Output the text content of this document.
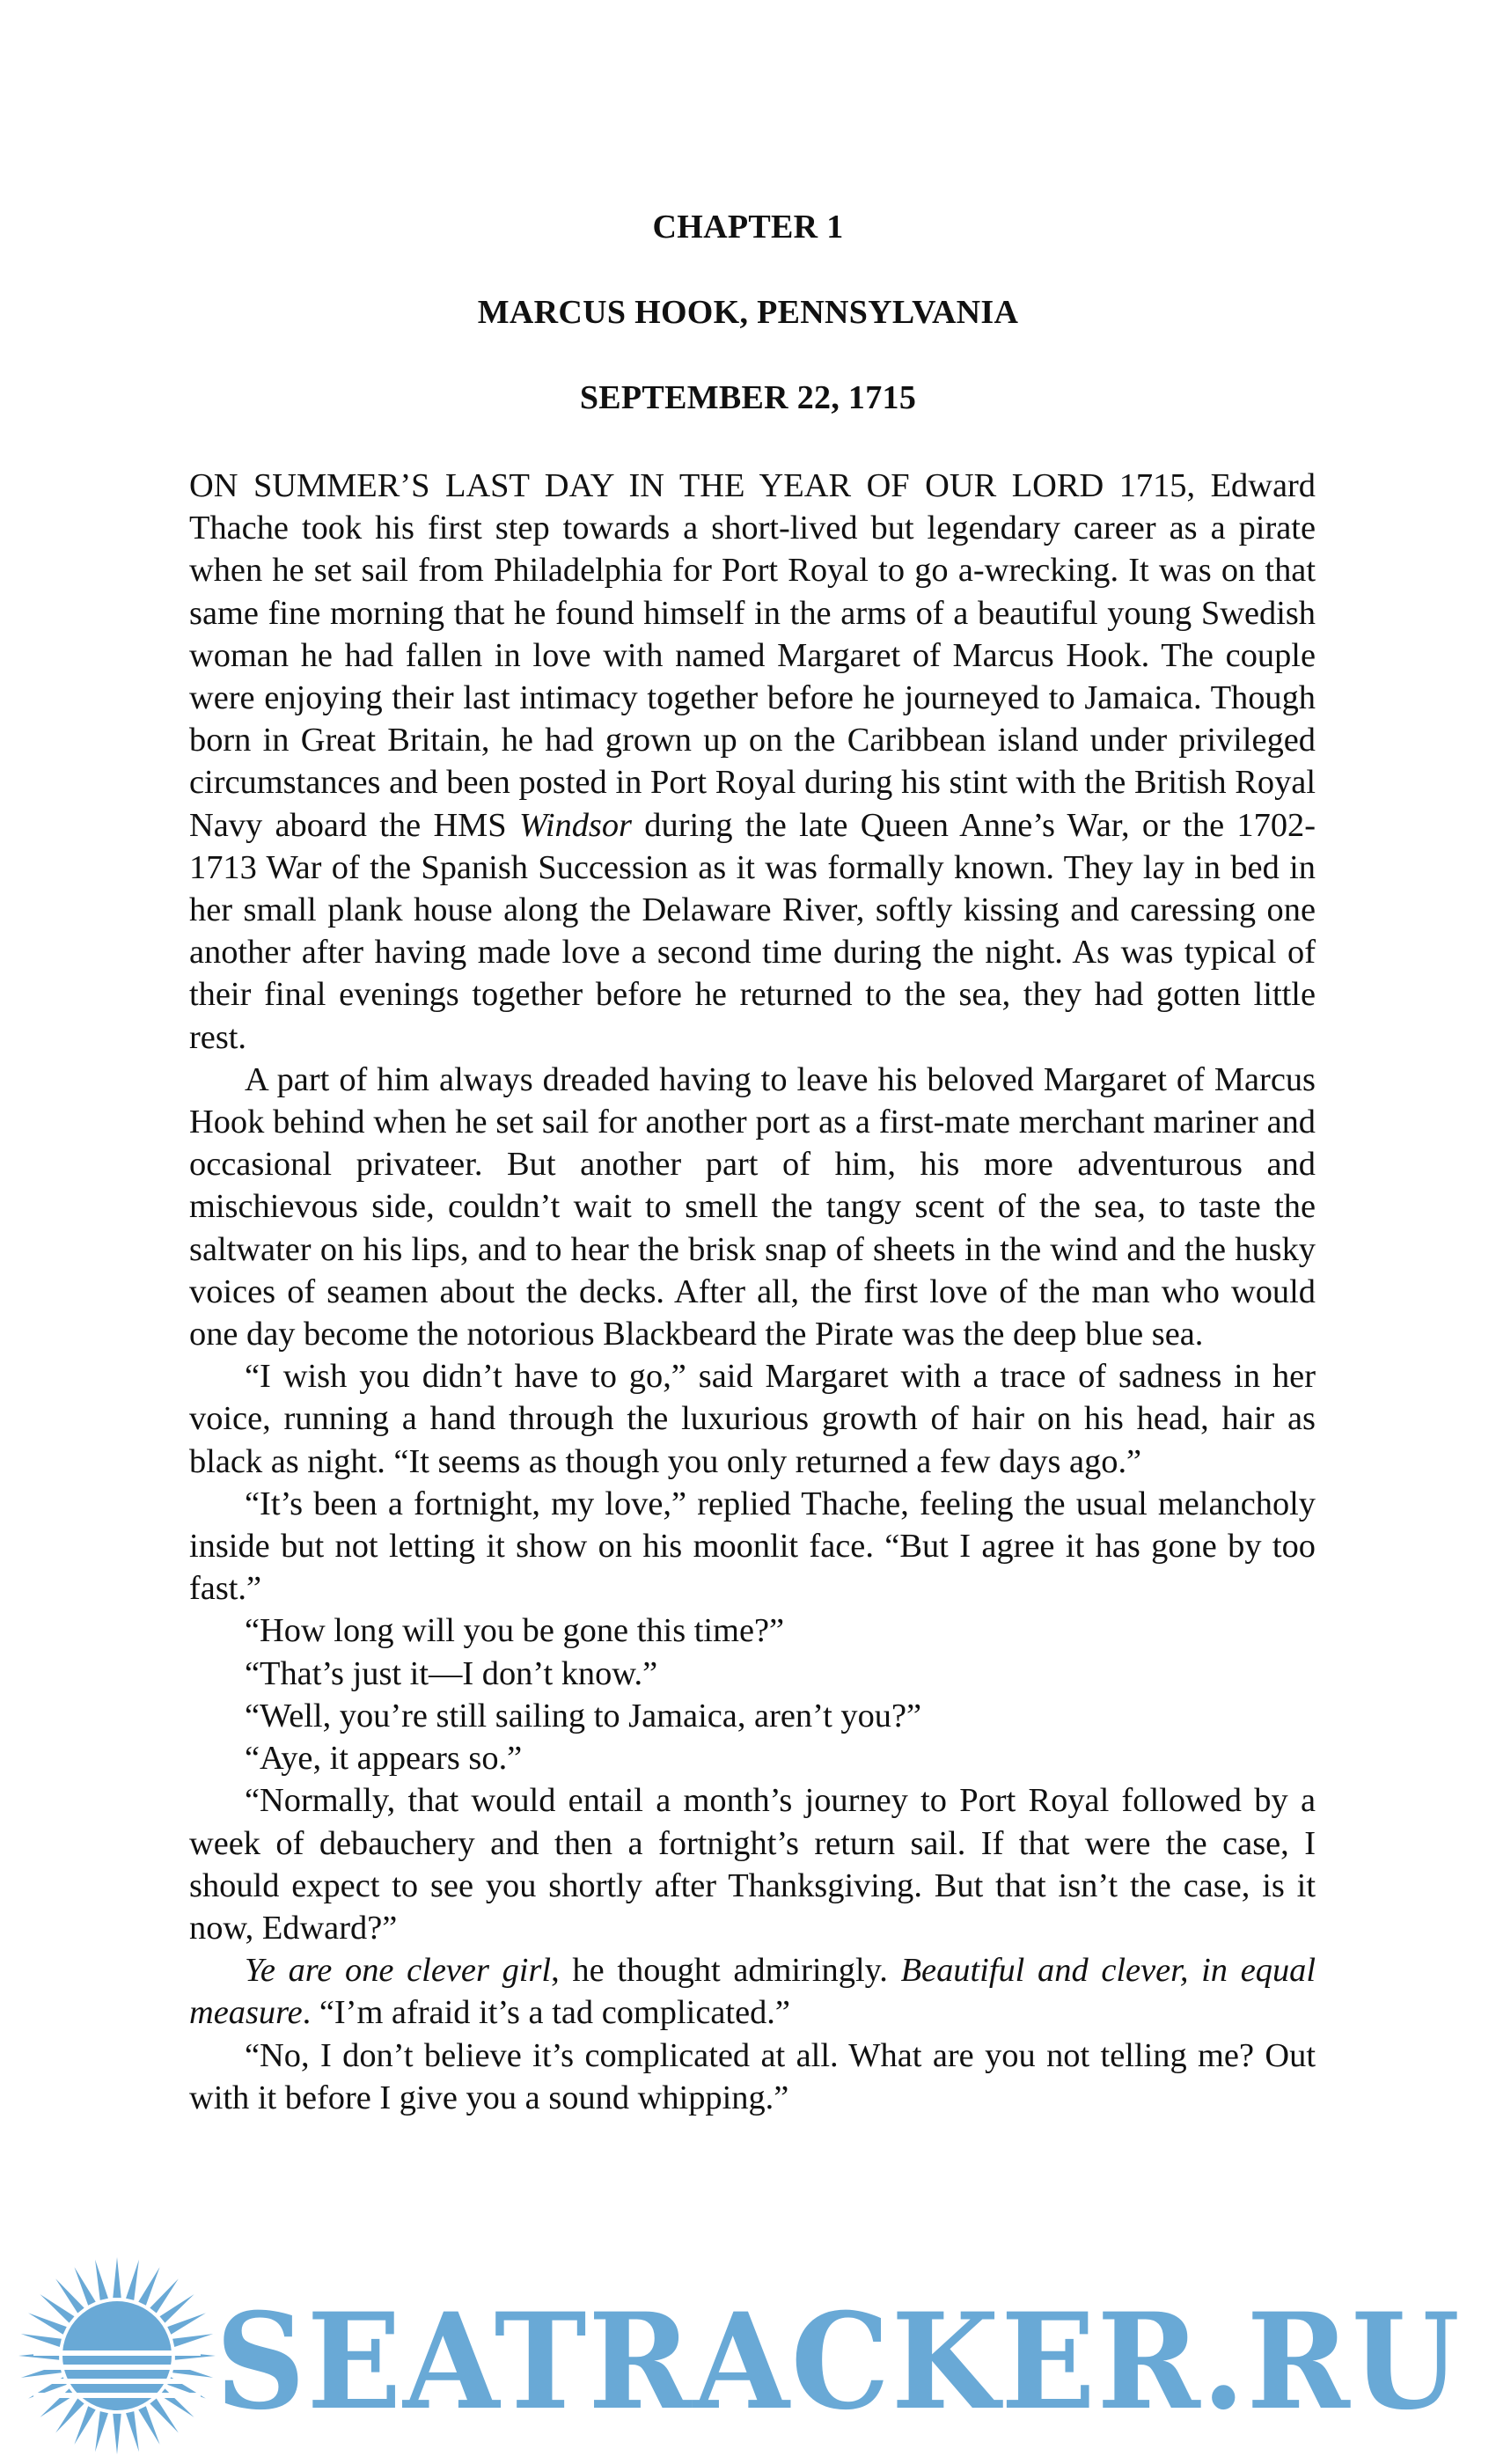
CHAPTER 1
MARCUS HOOK, PENNSYLVANIA
SEPTEMBER 22, 1715

ON SUMMER’S LAST DAY IN THE YEAR OF OUR LORD 1715, Edward Thache took his first step towards a short-lived but legendary career as a pirate when he set sail from Philadelphia for Port Royal to go a-wrecking. It was on that same fine morning that he found himself in the arms of a beautiful young Swedish woman he had fallen in love with named Margaret of Marcus Hook. The couple were enjoying their last intimacy together before he journeyed to Jamaica. Though born in Great Britain, he had grown up on the Caribbean island under privileged circumstances and been posted in Port Royal during his stint with the British Royal Navy aboard the HMS Windsor during the late Queen Anne’s War, or the 1702-1713 War of the Spanish Succession as it was formally known. They lay in bed in her small plank house along the Delaware River, softly kissing and caressing one another after having made love a second time during the night. As was typical of their final evenings together before he returned to the sea, they had gotten little rest.

A part of him always dreaded having to leave his beloved Margaret of Marcus Hook behind when he set sail for another port as a first-mate merchant mariner and occasional privateer. But another part of him, his more adventurous and mischievous side, couldn’t wait to smell the tangy scent of the sea, to taste the saltwater on his lips, and to hear the brisk snap of sheets in the wind and the husky voices of seamen about the decks. After all, the first love of the man who would one day become the notorious Blackbeard the Pirate was the deep blue sea.

“I wish you didn’t have to go,” said Margaret with a trace of sadness in her voice, running a hand through the luxurious growth of hair on his head, hair as black as night. “It seems as though you only returned a few days ago.”

“It’s been a fortnight, my love,” replied Thache, feeling the usual melancholy inside but not letting it show on his moonlit face. “But I agree it has gone by too fast.”

“How long will you be gone this time?”

“That’s just it—I don’t know.”

“Well, you’re still sailing to Jamaica, aren’t you?”

“Aye, it appears so.”

“Normally, that would entail a month’s journey to Port Royal followed by a week of debauchery and then a fortnight’s return sail. If that were the case, I should expect to see you shortly after Thanksgiving. But that isn’t the case, is it now, Edward?”

Ye are one clever girl, he thought admiringly. Beautiful and clever, in equal measure. “I’m afraid it’s a tad complicated.”

“No, I don’t believe it’s complicated at all. What are you not telling me? Out with it before I give you a sound whipping.”

SEATRACKER.RU
